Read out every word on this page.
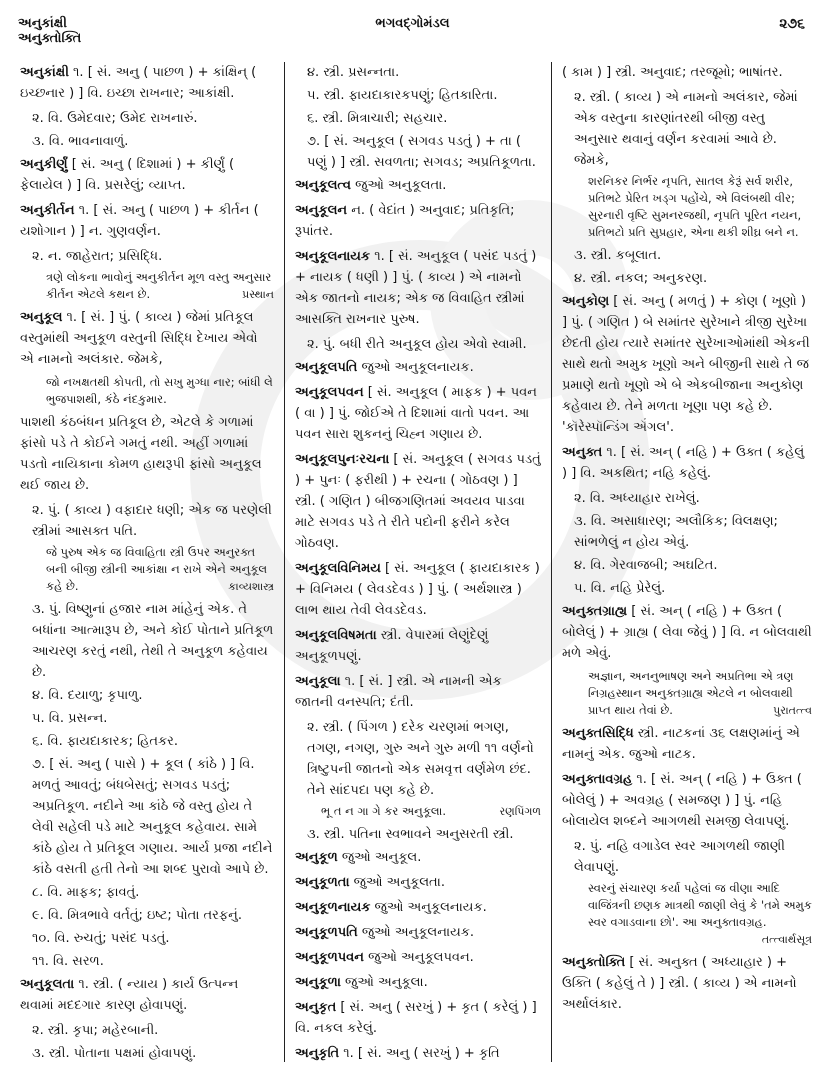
અનુકાંક્ષી
અનુક્તોક્તિ
ભગવદ્ગોમંડલ	૨૭૬
અનુકાંક્ષી ૧. [ સં. અનુ ( પાછળ ) + કાંક્ષિન્ ( ઇચ્છનાર ) ] વિ. ઇચ્છા રાખનાર; આકાંક્ષી.
૨. વિ. ઉમેદવાર; ઉમેદ રાખનારું.
૩. વિ. ભાવનાવાળું.
અનુકીર્ણું [ સં. અનુ ( દિશામાં ) + કીર્ણું ( ફેલાયેલ ) ] વિ. પ્રસરેલું; વ્યાપ્ત.
અનુકીર્તન ૧. [ સં. અનુ ( પાછળ ) + કીર્તન ( યશોગાન ) ] ન. ગુણવર્ણન.
૨. ન. જાહેરાત; પ્રસિદ્ધિ.
ત્રણે લોકના ભાવોનું અનુકીર્તન મૂળ વસ્તુ અનુસાર કીર્તન એટલે કથન છે.	પ્રસ્થાન
અનુકૂલ ૧. [ સં. ] પું. ( કાવ્ય ) જેમાં પ્રતિકૂલ વસ્તુમાંથી અનુકૂળ વસ્તુની સિદ્ધિ દેખાય એવો એ નામનો અલંકાર. જેમકે,
જો નખક્ષતથી કોપતી, તો સખુ મુગ્ધા નાર; બાંધી લે ભુજપાશથી, કંઠે નંદકુમાર.
પાશથી કંઠબંધન પ્રતિકૂલ છે, એટલે કે ગળામાં ફાંસો પડે તે કોઈને ગમતું નથી. અહીં ગળામાં પડતો નાયિકાના કોમળ હાથરૂપી ફાંસો અનુકૂલ થઈ જાય છે.
૨. પું. ( કાવ્ય ) વફાદાર ધણી; એક જ પરણેલી સ્ત્રીમાં આસક્ત પતિ.
જે પુરુષ એક જ વિવાહિતા સ્ત્રી ઉપર અનુરક્ત બની બીજી સ્ત્રીની આકાંક્ષા ન રાખે એને અનુકૂલ કહે છે.	કાવ્યશાસ્ત્ર
૩. પું. વિષ્ણુનાં હજાર નામ માંહેનું એક. તે બધાંના આત્મારૂપ છે, અને કોઈ પોતાને પ્રતિકૂળ આચરણ કરતું નથી, તેથી તે અનુકૂળ કહેવાય છે.
૪. વિ. દયાળુ; કૃપાળુ.
૫. વિ. પ્રસન્ન.
૬. વિ. ફાયદાકારક; હિતકર.
૭. [ સં. અનુ ( પાસે ) + કૂલ ( કાંઠે ) ] વિ. મળતું આવતું; બંધબેસતું; સગવડ પડતું; અપ્રતિકૂળ. નદીને આ કાંઠે જે વસ્તુ હોય તે લેવી સહેલી પડે માટે અનુકૂલ કહેવાય. સામે કાંઠે હોય તે પ્રતિકૂલ ગણાય. આર્ય પ્રજા નદીને કાંઠે વસતી હતી તેનો આ શબ્દ પુરાવો આપે છે.
૮. વિ. માફક; ફાવતું.
૯. વિ. મિત્રભાવે વર્તતું; ઇષ્ટ; પોતા તરફનું.
૧૦. વિ. રુચતું; પસંદ પડતું.
૧૧. વિ. સરળ.
અનુકૂલતા ૧. સ્ત્રી. ( ન્યાય ) કાર્ય ઉત્પન્ન થવામાં મદદગાર કારણ હોવાપણું.
૨. સ્ત્રી. કૃપા; મહેરબાની.
૩. સ્ત્રી. પોતાના પક્ષમાં હોવાપણું.
૪. સ્ત્રી. પ્રસન્નતા.
૫. સ્ત્રી. ફાયદાકારકપણું; હિતકારિતા.
૬. સ્ત્રી. મિત્રાચારી; સહચાર.
૭. [ સં. અનુકૂલ ( સગવડ પડતું ) + તા ( પણું ) ] સ્ત્રી. સવળતા; સગવડ; અપ્રતિકૂળતા.
અનુકૂલત્વ જુઓ અનુકૂલતા.
અનુકૂલન ન. ( વેદાંત ) અનુવાદ; પ્રતિકૃતિ; રૂપાંતર.
અનુકૂલનાયક ૧. [ સં. અનુકૂલ ( પસંદ પડતું ) + નાયક ( ધણી ) ] પું. ( કાવ્ય ) એ નામનો એક જાતનો નાયક; એક જ વિવાહિત સ્ત્રીમાં આસક્તિ રાખનાર પુરુષ.
૨. પું. બધી રીતે અનુકૂલ હોય એવો સ્વામી.
અનુકૂલપતિ જુઓ અનુકૂલનાયક.
અનુકૂલપવન [ સં. અનુકૂલ ( માફક ) + પવન ( વા ) ] પું. જોઈએ તે દિશામાં વાતો પવન. આ પવન સારા શુકનનું ચિહ્ન ગણાય છે.
અનુકૂલપુનઃરચના [ સં. અનુકૂલ ( સગવડ પડતું ) + પુનઃ ( ફરીથી ) + રચના ( ગોઠવણ ) ] સ્ત્રી. ( ગણિત ) બીજગણિતમાં અવયવ પાડવા માટે સગવડ પડે તે રીતે પદોની ફરીને કરેલ ગોઠવણ.
અનુકૂલવિનિમય [ સં. અનુકૂલ ( ફાયદાકારક ) + વિનિમય ( લેવડદેવડ ) ] પું. ( અર્થશાસ્ત્ર ) લાભ થાય તેવી લેવડદેવડ.
અનુકૂલવિષમતા સ્ત્રી. વેપારમાં લેણુંદેણું અનુકૂળપણું.
અનુકૂલા ૧. [ સં. ] સ્ત્રી. એ નામની એક જાતની વનસ્પતિ; દંતી.
૨. સ્ત્રી. ( પિંગળ ) દરેક ચરણમાં ભગણ, તગણ, નગણ, ગુરુ અને ગુરુ મળી ૧૧ વર્ણનો ત્રિષ્ટુપની જાતનો એક સમવૃત્ત વર્ણમેળ છંદ. તેને સાંદપદા પણ કહે છે.
ભૂ ત ન ગા ગે કર અનુકૂલા.	રણપિંગળ
૩. સ્ત્રી. પતિના સ્વભાવને અનુસરતી સ્ત્રી.
અનુકૂળ જુઓ અનુકૂલ.
અનુકૂળતા જુઓ અનુકૂલતા.
અનુકૂળનાયક જુઓ અનુકૂલનાયક.
અનુકૂળપતિ જુઓ અનુકૂલનાયક.
અનુકૂળપવન જુઓ અનુકૂલપવન.
અનુકૂળા જુઓ અનુકૂલા.
અનુકૃત [ સં. અનુ ( સરખું ) + કૃત ( કરેલું ) ] વિ. નકલ કરેલું.
અનુકૃતિ ૧. [ સં. અનુ ( સરખું ) + કૃતિ
( કામ ) ] સ્ત્રી. અનુવાદ; તરજૂમો; ભાષાંતર.
૨. સ્ત્રી. ( કાવ્ય ) એ નામનો અલંકાર, જેમાં એક વસ્તુના કારણાંતરથી બીજી વસ્તુ અનુસાર થવાનું વર્ણન કરવામાં આવે છે. જેમકે,
શરનિકર નિર્ભર નૃપતિ, સાતલ કેરૂં સર્વ શરીર, પ્રતિભટે પ્રેરિત ખડ્ગ પહોંચે, એ વિલંબથી વીર; સુરનારી વૃષ્ટિ સુમનરજથી, નૃપતિ પૂરિત નયન, પ્રતિભટો પ્રતિ સુપ્રહાર, એના થકી શીઘ્ર બને ન.
૩. સ્ત્રી. કબૂલાત.
૪. સ્ત્રી. નકલ; અનુકરણ.
અનુકોણ [ સં. અનુ ( મળતું ) + કોણ ( ખૂણો ) ] પું. ( ગણિત ) બે સમાંતર સુરેખાને ત્રીજી સુરેખા છેદતી હોય ત્યારે સમાંતર સુરેખાઓમાંથી એકની સાથે થતો અમુક ખૂણો અને બીજીની સાથે તે જ પ્રમાણે થતો ખૂણો એ બે એકબીજાના અનુકોણ કહેવાય છે. તેને મળતા ખૂણા પણ કહે છે. 'કૉરેસ્પૉન્ડિંગ ઍંગલ'.
અનુક્ત ૧. [ સં. અન્ ( નહિ ) + ઉક્ત ( કહેલું ) ] વિ. અકથિત; નહિ કહેલું.
૨. વિ. અધ્યાહાર રાખેલું.
૩. વિ. અસાધારણ; અલૌકિક; વિલક્ષણ; સાંભળેલું ન હોય એવું.
૪. વિ. ગેરવાજબી; અઘટિત.
૫. વિ. નહિ પ્રેરેલું.
અનુક્તગ્રાહ્ય [ સં. અન્ ( નહિ ) + ઉક્ત ( બોલેલું ) + ગ્રાહ્ય ( લેવા જેવું ) ] વિ. ન બોલવાથી મળે એવું.
અજ્ઞાન, અનનુભાષણ અને અપ્રતિભા એ ત્રણ નિગ્રહસ્થાન અનુક્તગ્રાહ્ય એટલે ન બોલવાથી પ્રાપ્ત થાય તેવાં છે.	પુરાતત્ત્વ
અનુક્તસિદ્ધિ સ્ત્રી. નાટકનાં ૩૬ લક્ષણમાંનું એ નામનું એક. જુઓ નાટક.
અનુક્તાવગ્રહ ૧. [ સં. અન્ ( નહિ ) + ઉક્ત ( બોલેલું ) + અવગ્રહ ( સમજણ ) ] પું. નહિ બોલાયેલ શબ્દને આગળથી સમજી લેવાપણું.
૨. પું. નહિ વગાડેલ સ્વર આગળથી જાણી લેવાપણું.
સ્વરનું સંચારણ કર્યા પહેલાં જ વીણા આદિ વાજિંત્રની છણક માત્રથી જાણી લેવું કે 'તમે અમુક સ્વર વગાડવાના છો'. આ અનુક્તાવગ્રહ.
તત્ત્વાર્થસૂત્ર
અનુક્તોક્તિ [ સં. અનુક્ત ( અધ્યાહાર ) + ઉક્તિ ( કહેલું તે ) ] સ્ત્રી. ( કાવ્ય ) એ નામનો અર્થાલંકાર.
